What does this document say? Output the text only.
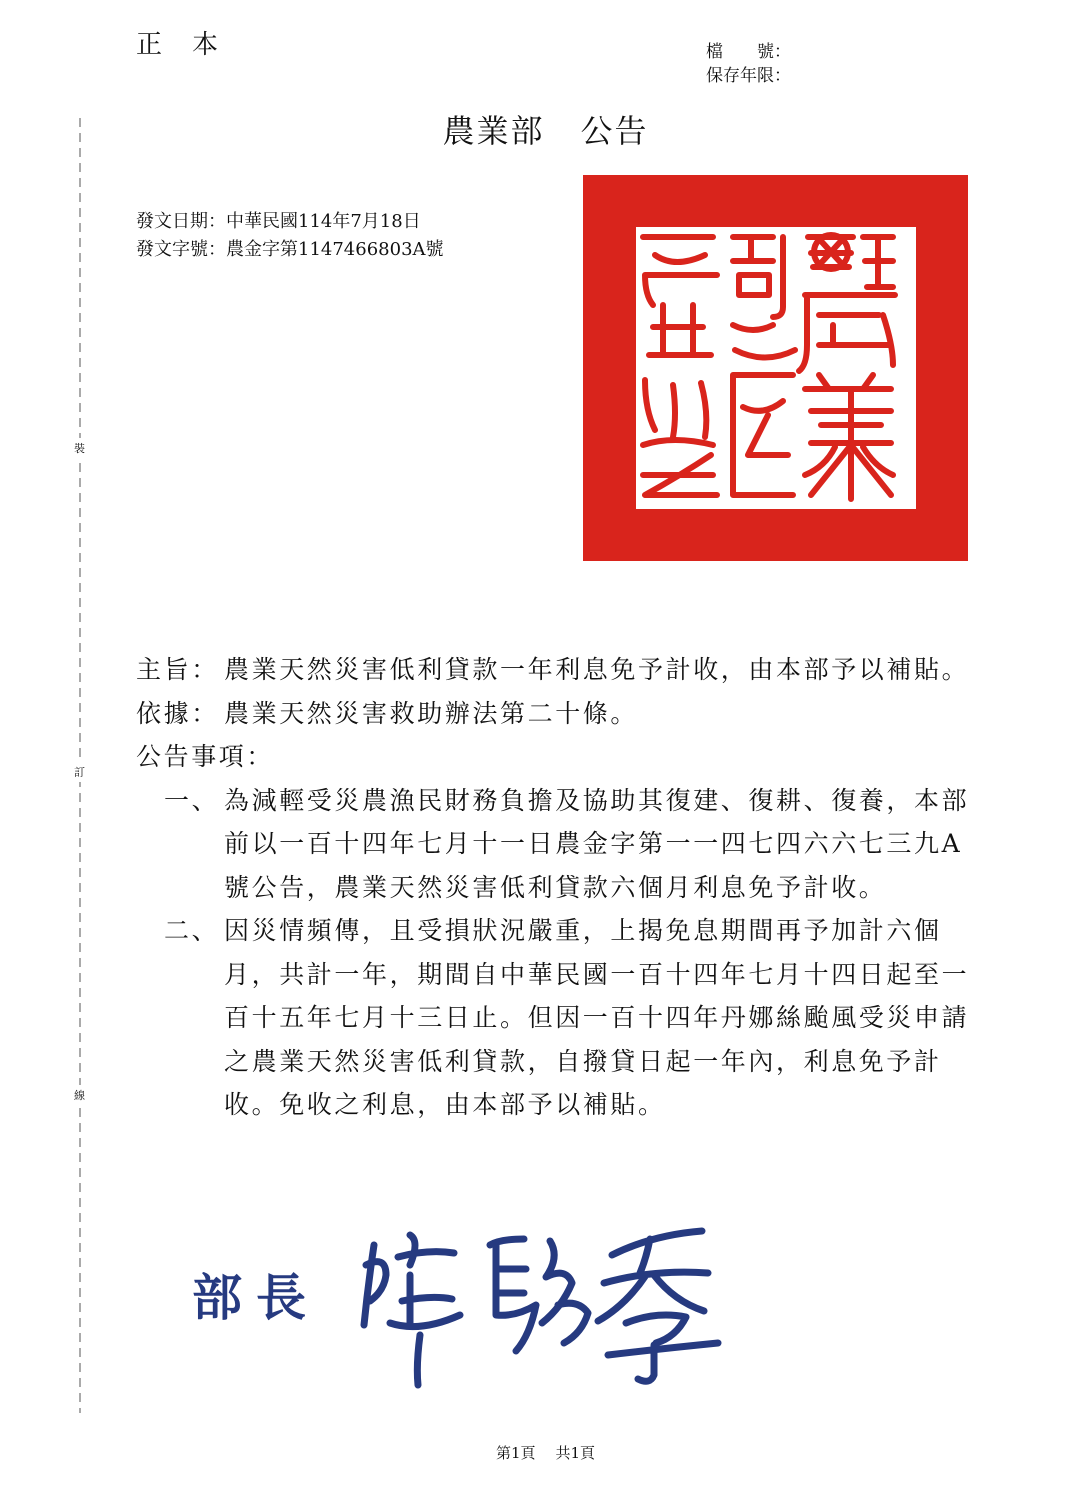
正 本	檔　　號：
保存年限：
農業部 公告
發文日期：中華民國114年7月18日
發文字號：農金字第1147466803A號
裝
訂
線
主旨： 農業天然災害低利貸款一年利息免予計收，由本部予以補貼。
依據： 農業天然災害救助辦法第二十條。
公告事項：
一、 為減輕受災農漁民財務負擔及協助其復建、復耕、復養，本部前以一百十四年七月十一日農金字第一一四七四六六七三九A號公告，農業天然災害低利貸款六個月利息免予計收。
二、 因災情頻傳，且受損狀況嚴重，上揭免息期間再予加計六個月，共計一年，期間自中華民國一百十四年七月十四日起至一百十五年七月十三日止。但因一百十四年丹娜絲颱風受災申請之農業天然災害低利貸款，自撥貸日起一年內，利息免予計收。免收之利息，由本部予以補貼。
部長
第1頁 共1頁
